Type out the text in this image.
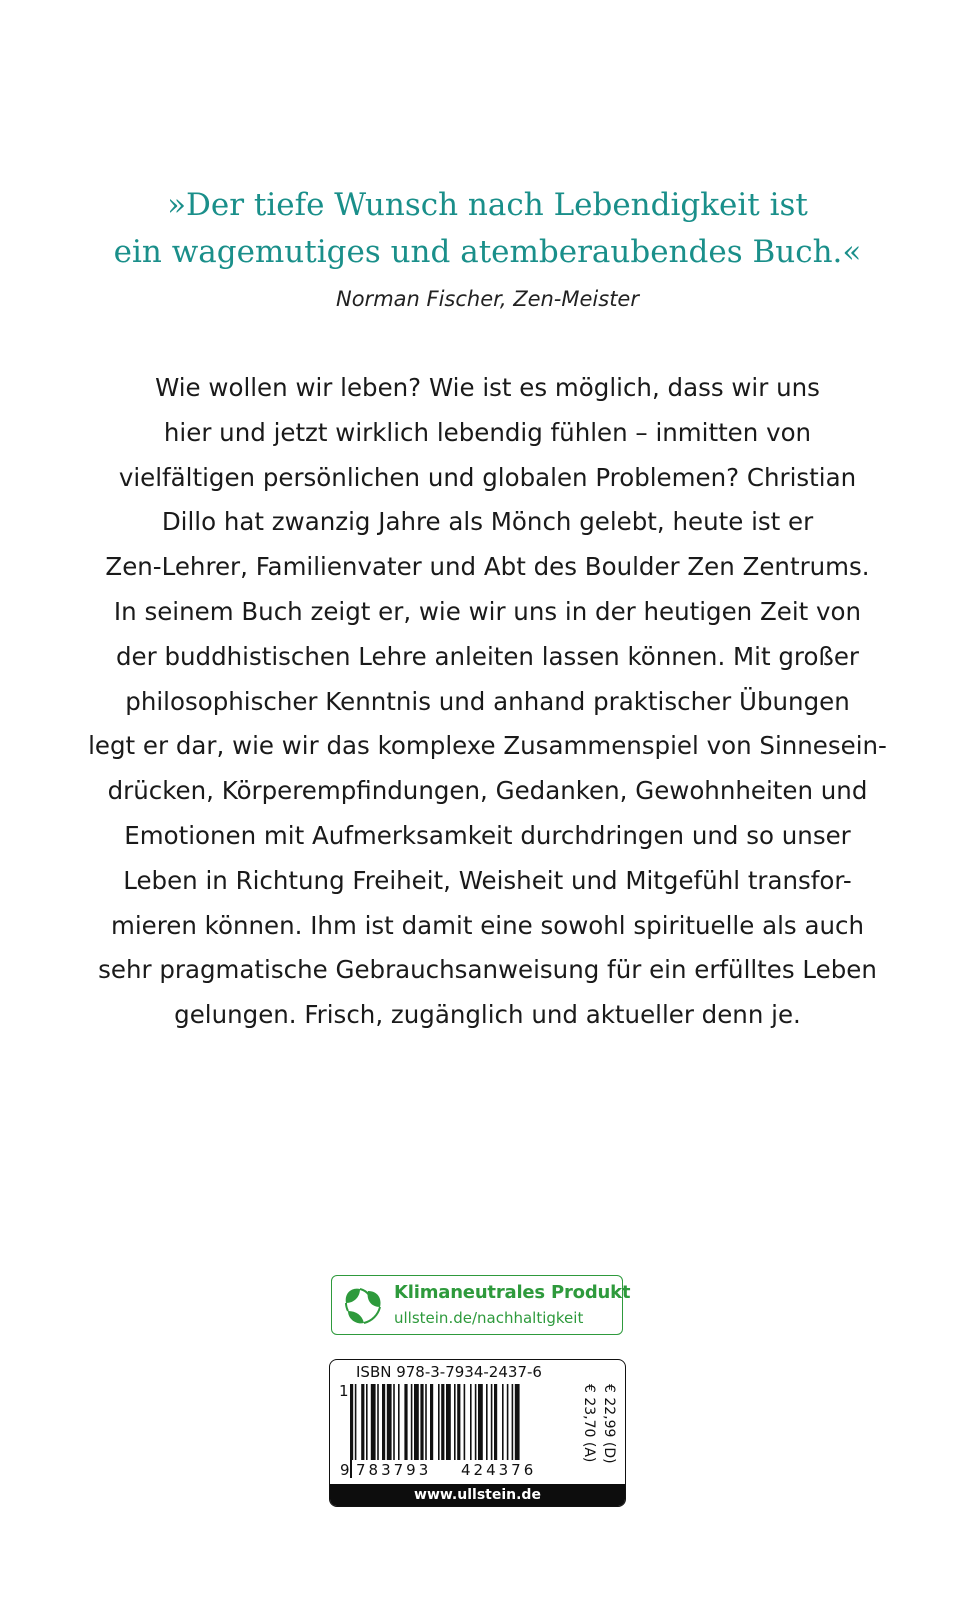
»Der tiefe Wunsch nach Lebendigkeit ist
ein wagemutiges und atemberaubendes Buch.«
Norman Fischer, Zen-Meister
Wie wollen wir leben? Wie ist es möglich, dass wir uns
hier und jetzt wirklich lebendig fühlen – inmitten von
vielfältigen persönlichen und globalen Problemen? Christian
Dillo hat zwanzig Jahre als Mönch gelebt, heute ist er
Zen-Lehrer, Familienvater und Abt des Boulder Zen Zentrums.
In seinem Buch zeigt er, wie wir uns in der heutigen Zeit von
der buddhistischen Lehre anleiten lassen können. Mit großer
philosophischer Kenntnis und anhand praktischer Übungen
legt er dar, wie wir das komplexe Zusammenspiel von Sinnesein-
drücken, Körperempfindungen, Gedanken, Gewohnheiten und
Emotionen mit Aufmerksamkeit durchdringen und so unser
Leben in Richtung Freiheit, Weisheit und Mitgefühl transfor-
mieren können. Ihm ist damit eine sowohl spirituelle als auch
sehr pragmatische Gebrauchsanweisung für ein erfülltes Leben
gelungen. Frisch, zugänglich und aktueller denn je.
Klimaneutrales Produkt
ullstein.de/nachhaltigkeit
ISBN 978-3-7934-2437-6
1
9 783793 424376
€ 22,99 (D)
€ 23,70 (A)
www.ullstein.de
